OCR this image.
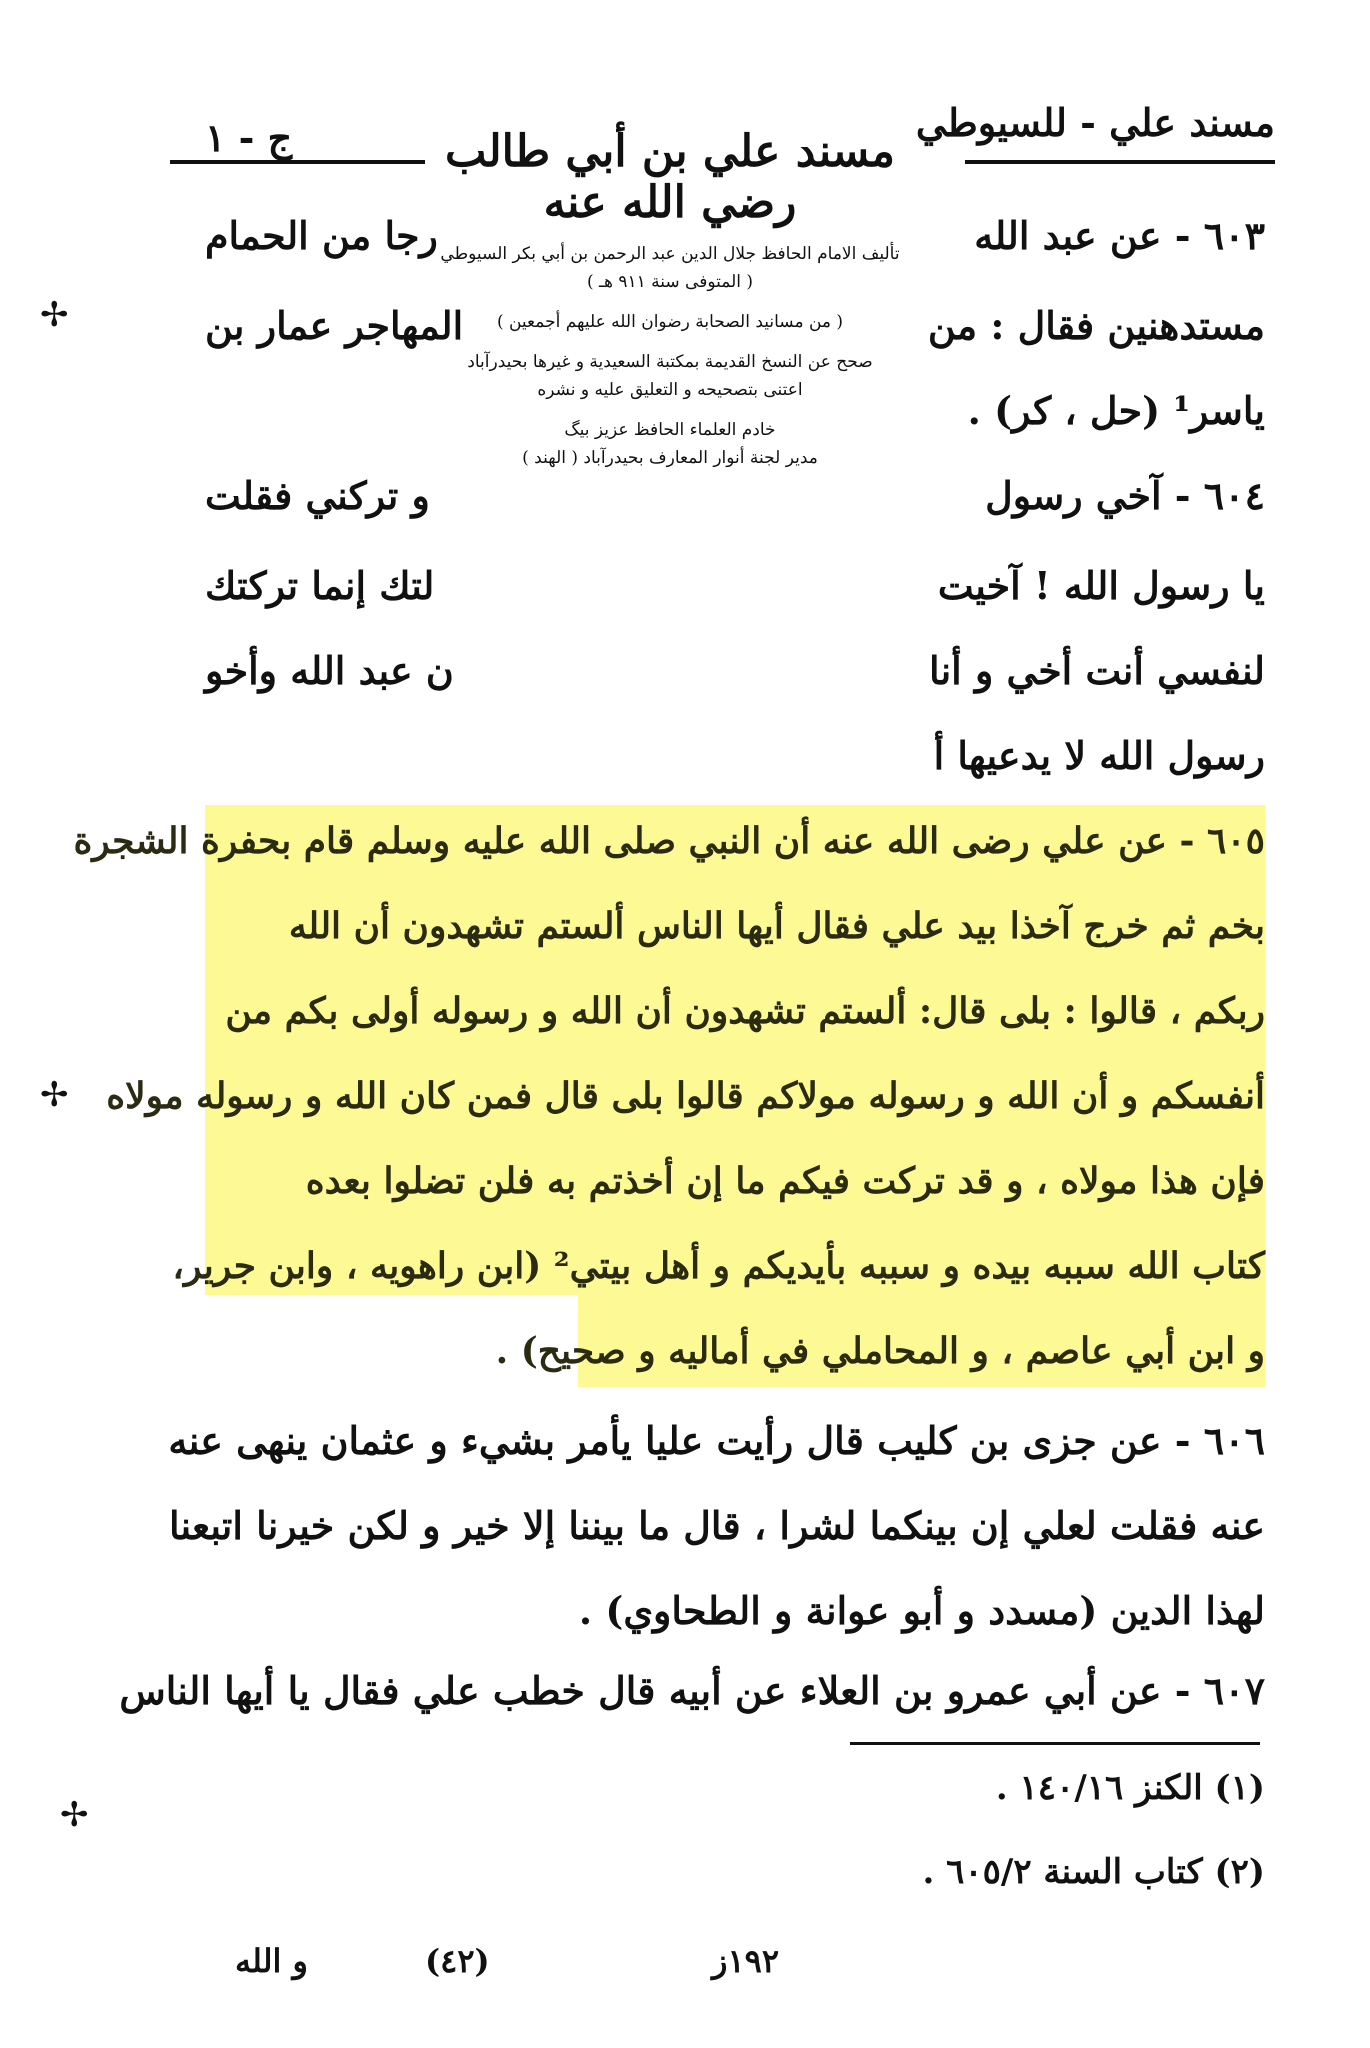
مسند علي - للسيوطي
ج - ١	مسند علي بن أبي طالب رضي الله عنه

تأليف الامام الحافظ جلال الدين عبد الرحمن بن أبي بكر السيوطي

( المتوفى سنة ٩١١ هـ )

( من مسانيد الصحابة رضوان الله عليهم أجمعين )

صحح عن النسخ القديمة بمكتبة السعيدية و غيرها بحيدرآباد

اعتنى بتصحيحه و التعليق عليه و نشره

خادم العلماء الحافظ عزيز بيگ

مدير لجنة أنوار المعارف بحيدرآباد ( الهند )

٦٠٣ - عن عبد الله
مستدهنين فقال : من
ياسر¹ (حل ، كر) .
٦٠٤ - آخي رسول
يا رسول الله ! آخيت
لنفسي أنت أخي و أنا
رسول الله لا يدعيها أ
رجا من الحمام
المهاجر عمار بن
و تركني فقلت
لتك إنما تركتك
ن عبد الله وأخو
٦٠٥ - عن علي رضى الله عنه أن النبي صلى الله عليه وسلم قام بحفرة الشجرة
بخم ثم خرج آخذا بيد علي فقال أيها الناس ألستم تشهدون أن الله
ربكم ، قالوا : بلى قال: ألستم تشهدون أن الله و رسوله أولى بكم من
أنفسكم و أن الله و رسوله مولاكم قالوا بلى قال فمن كان الله و رسوله مولاه
فإن هذا مولاه ، و قد تركت فيكم ما إن أخذتم به فلن تضلوا بعده
كتاب الله سببه بيده و سببه بأيديكم و أهل بيتي² (ابن راهويه ، وابن جرير،
و ابن أبي عاصم ، و المحاملي في أماليه و صحيح) .
٦٠٦ - عن جزى بن كليب قال رأيت عليا يأمر بشيء و عثمان ينهى عنه
عنه فقلت لعلي إن بينكما لشرا ، قال ما بيننا إلا خير و لكن خيرنا اتبعنا
لهذا الدين (مسدد و أبو عوانة و الطحاوي) .
٦٠٧ - عن أبي عمرو بن العلاء عن أبيه قال خطب علي فقال يا أيها الناس
(١) الكنز ١٤٠/١٦ .
(٢) كتاب السنة ٦٠٥/٢ .
١٩٢ز
(٤٢)
و الله
✢
✢
✢
